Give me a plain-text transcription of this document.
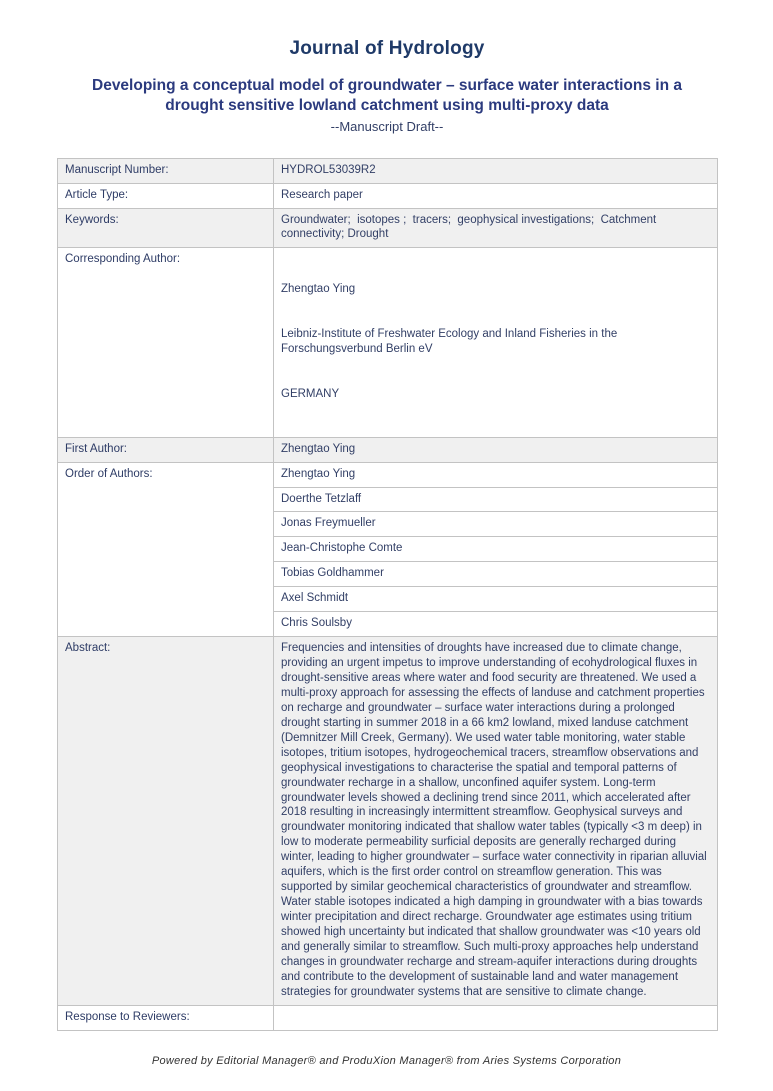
Journal of Hydrology
Developing a conceptual model of groundwater – surface water interactions in a drought sensitive lowland catchment using multi-proxy data
--Manuscript Draft--
Manuscript Number:	HYDROL53039R2
Article Type:	Research paper
Keywords:	Groundwater;  isotopes ;  tracers;  geophysical investigations;  Catchment connectivity; Drought
Corresponding Author:	Zhengtao Ying

Leibniz-Institute of Freshwater Ecology and Inland Fisheries in the Forschungsverbund Berlin eV

GERMANY

First Author:	Zhengtao Ying
Order of Authors:	Zhengtao Ying
	Doerthe Tetzlaff
	Jonas Freymueller
	Jean-Christophe Comte
	Tobias Goldhammer
	Axel Schmidt
	Chris Soulsby
Abstract:	Frequencies and intensities of droughts have increased due to climate change, providing an urgent impetus to improve understanding of ecohydrological fluxes in drought-sensitive areas where water and food security are threatened. We used a multi-proxy approach for assessing the effects of landuse and catchment properties on recharge and groundwater – surface water interactions during a prolonged drought starting in summer 2018 in a 66 km2 lowland, mixed landuse catchment (Demnitzer Mill Creek, Germany). We used water table monitoring, water stable isotopes, tritium isotopes, hydrogeochemical tracers, streamflow observations and geophysical investigations to characterise the spatial and temporal patterns of groundwater recharge in a shallow, unconfined aquifer system. Long-term groundwater levels showed a declining trend since 2011, which accelerated after 2018 resulting in increasingly intermittent streamflow. Geophysical surveys and groundwater monitoring indicated that shallow water tables (typically <3 m deep) in low to moderate permeability surficial deposits are generally recharged during winter, leading to higher groundwater – surface water connectivity in riparian alluvial aquifers, which is the first order control on streamflow generation. This was supported by similar geochemical characteristics of groundwater and streamflow. Water stable isotopes indicated a high damping in groundwater with a bias towards winter precipitation and direct recharge. Groundwater age estimates using tritium showed high uncertainty but indicated that shallow groundwater was <10 years old and generally similar to streamflow. Such multi-proxy approaches help understand changes in groundwater recharge and stream-aquifer interactions during droughts and contribute to the development of sustainable land and water management strategies for groundwater systems that are sensitive to climate change.
Response to Reviewers:	
Powered by Editorial Manager® and ProduXion Manager® from Aries Systems Corporation
